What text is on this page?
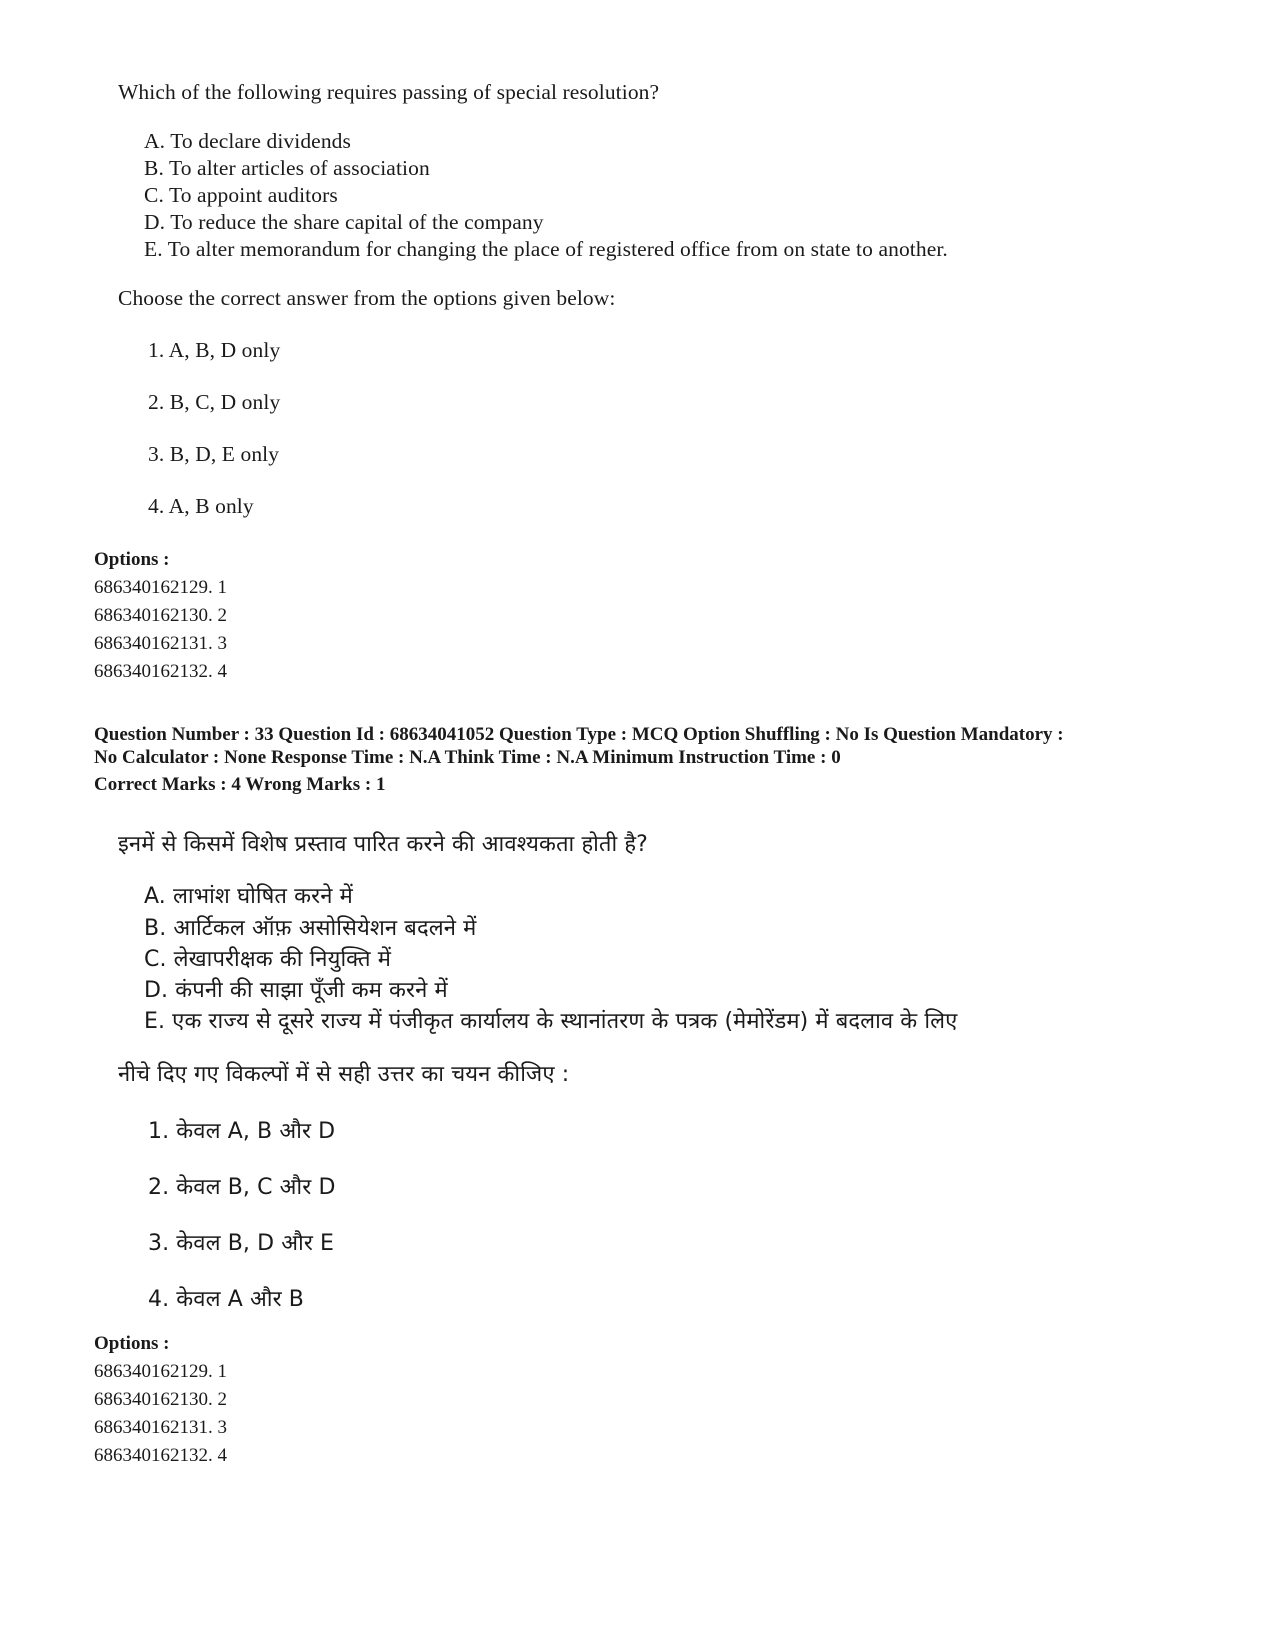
Which of the following requires passing of special resolution?
A. To declare dividends
B. To alter articles of association
C. To appoint auditors
D. To reduce the share capital of the company
E. To alter memorandum for changing the place of registered office from on state to another.
Choose the correct answer from the options given below:
1. A, B, D only
2. B, C, D only
3. B, D, E only
4. A, B only
Options :
686340162129. 1
686340162130. 2
686340162131. 3
686340162132. 4
Question Number : 33 Question Id : 68634041052 Question Type : MCQ Option Shuffling : No Is Question Mandatory :
No Calculator : None Response Time : N.A Think Time : N.A Minimum Instruction Time : 0
Correct Marks : 4 Wrong Marks : 1
इनमें से किसमें विशेष प्रस्ताव पारित करने की आवश्यकता होती है?
A. लाभांश घोषित करने में
B. आर्टिकल ऑफ़ असोसियेशन बदलने में
C. लेखापरीक्षक की नियुक्ति में
D. कंपनी की साझा पूँजी कम करने में
E. एक राज्य से दूसरे राज्य में पंजीकृत कार्यालय के स्थानांतरण के पत्रक (मेमोरेंडम) में बदलाव के लिए
नीचे दिए गए विकल्पों में से सही उत्तर का चयन कीजिए :
1. केवल A, B और D
2. केवल B, C और D
3. केवल B, D और E
4. केवल A और B
Options :
686340162129. 1
686340162130. 2
686340162131. 3
686340162132. 4
